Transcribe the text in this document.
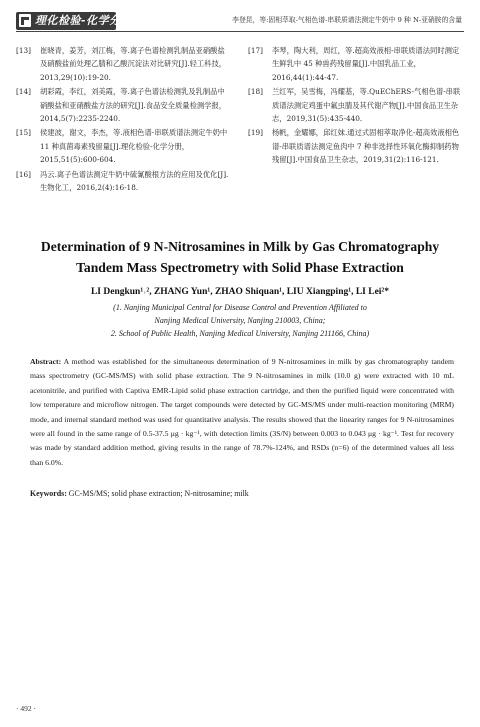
理化检验-化学分册	李登昆，等:固相萃取-气相色谱-串联质谱法测定牛奶中 9 种 N-亚硝胺的含量
[13] 崔晓青，姜芳，刘江梅，等.离子色谱检测乳制品亚硝酸盐及硝酸盐前处理乙腈和乙酸沉淀法对比研究[J].轻工科技，2013,29(10):19-20.
[14] 胡彩霞，李红，刘美霞，等.离子色谱法检测乳及乳制品中硝酸盐和亚硝酸盐方法的研究[J].食品安全质量检测学报，2014,5(7):2235-2240.
[15] 侯建波，谢文，李杰，等.液相色谱-串联质谱法测定牛奶中 11 种真菌毒素残留量[J].理化检验-化学分册，2015,51(5):600-604.
[16] 冯云.离子色谱法测定牛奶中硫氰酸根方法的应用及优化[J].生物化工，2016,2(4):16-18.
[17] 李琴，陶大利，周红，等.超高效液相-串联质谱法同时测定生鲜乳中 45 种兽药残留量[J].中国乳品工业，2016,44(1):44-47.
[18] 兰红军，吴雪梅，冯耀基，等.QuEChERS-气相色谱-串联质谱法测定鸡蛋中氟虫腈及其代谢产物[J].中国食品卫生杂志，2019,31(5):435-440.
[19] 杨帆，金耀娜，邱红妹.通过式固相萃取净化-超高效液相色谱-串联质谱法测定鱼肉中 7 种非选择性环氧化酶抑制药物残留[J].中国食品卫生杂志，2019,31(2):116-121.
Determination of 9 N-Nitrosamines in Milk by Gas Chromatography
Tandem Mass Spectrometry with Solid Phase Extraction
LI Dengkun¹˒², ZHANG Yun¹, ZHAO Shiquan¹, LIU Xiangping¹, LI Lei²*
(1. Nanjing Municipal Central for Disease Control and Prevention Affiliated to
Nanjing Medical University, Nanjing 210003, China;
2. School of Public Health, Nanjing Medical University, Nanjing 211166, China)
Abstract: A method was established for the simultaneous determination of 9 N-nitrosamines in milk by gas chromatography tandem mass spectrometry (GC-MS/MS) with solid phase extraction. The 9 N-nitrosamines in milk (10.0 g) were extracted with 10 mL acetonitrile, and purified with Captiva EMR-Lipid solid phase extraction cartridge, and then the purified liquid were concentrated with low temperature and microflow nitrogen. The target compounds were detected by GC-MS/MS under multi-reaction monitoring (MRM) mode, and internal standard method was used for quantitative analysis. The results showed that the linearity ranges for 9 N-nitrosamines were all found in the same range of 0.5-37.5 μg · kg⁻¹, with detection limits (3S/N) between 0.003 to 0.043 μg · kg⁻¹. Test for recovery was made by standard addition method, giving results in the range of 78.7%-124%, and RSDs (n=6) of the determined values all less than 6.0%.
Keywords: GC-MS/MS; solid phase extraction; N-nitrosamine; milk
· 492 ·
